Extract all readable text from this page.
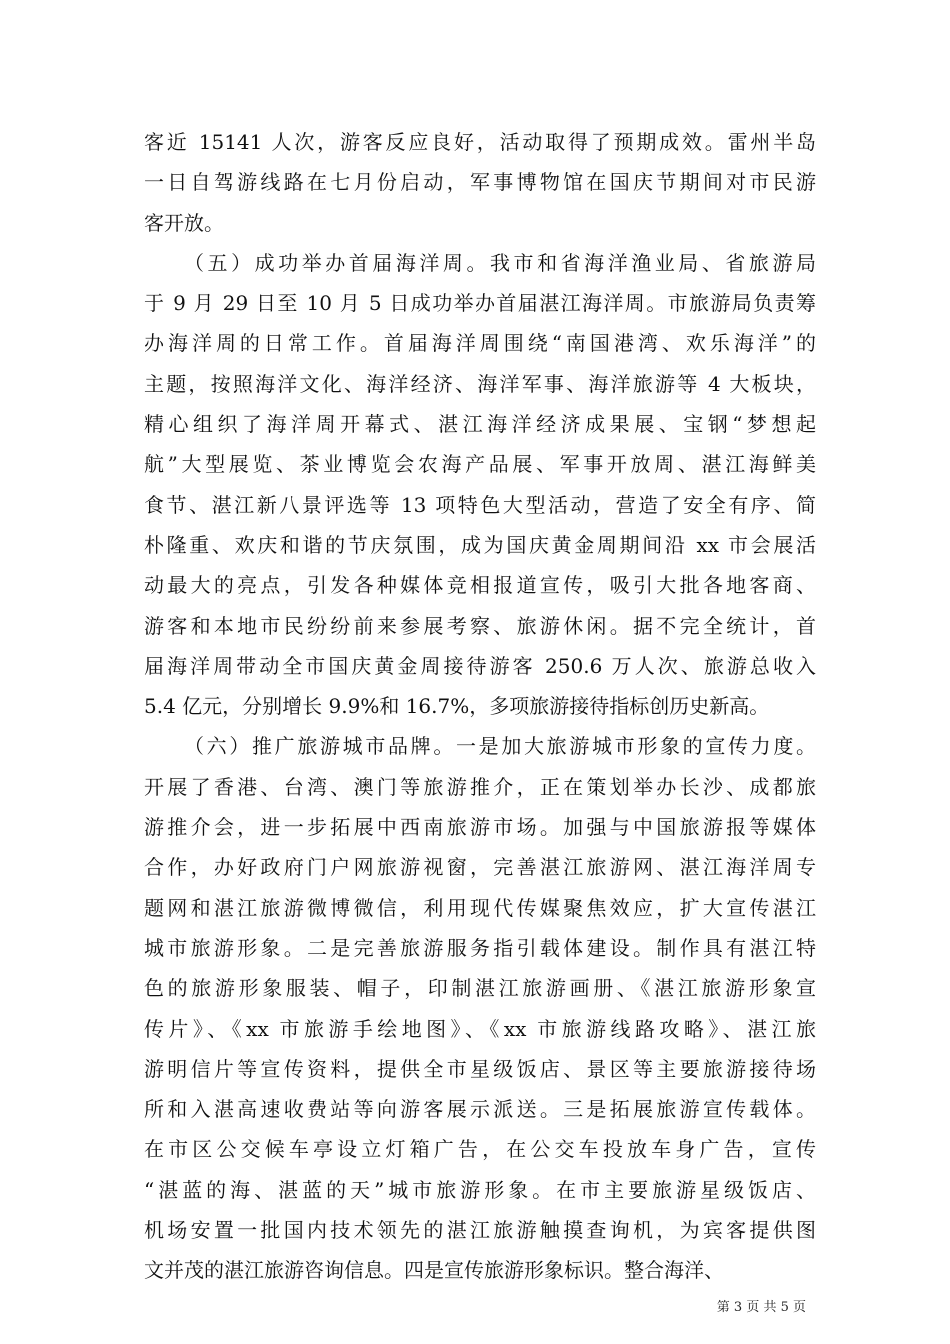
客近 15141 人次，游客反应良好，活动取得了预期成效。雷州半岛
一日自驾游线路在七月份启动，军事博物馆在国庆节期间对市民游
客开放。
（五）成功举办首届海洋周。我市和省海洋渔业局、省旅游局
于 9 月 29 日至 10 月 5 日成功举办首届湛江海洋周。市旅游局负责筹
办海洋周的日常工作。首届海洋周围绕“南国港湾、欢乐海洋”的
主题，按照海洋文化、海洋经济、海洋军事、海洋旅游等 4 大板块，
精心组织了海洋周开幕式、湛江海洋经济成果展、宝钢“梦想起
航”大型展览、茶业博览会农海产品展、军事开放周、湛江海鲜美
食节、湛江新八景评选等 13 项特色大型活动，营造了安全有序、简
朴隆重、欢庆和谐的节庆氛围，成为国庆黄金周期间沿 xx 市会展活
动最大的亮点，引发各种媒体竞相报道宣传，吸引大批各地客商、
游客和本地市民纷纷前来参展考察、旅游休闲。据不完全统计，首
届海洋周带动全市国庆黄金周接待游客 250.6 万人次、旅游总收入
5.4 亿元，分别增长 9.9%和 16.7%，多项旅游接待指标创历史新高。
（六）推广旅游城市品牌。一是加大旅游城市形象的宣传力度。
开展了香港、台湾、澳门等旅游推介，正在策划举办长沙、成都旅
游推介会，进一步拓展中西南旅游市场。加强与中国旅游报等媒体
合作，办好政府门户网旅游视窗，完善湛江旅游网、湛江海洋周专
题网和湛江旅游微博微信，利用现代传媒聚焦效应，扩大宣传湛江
城市旅游形象。二是完善旅游服务指引载体建设。制作具有湛江特
色的旅游形象服装、帽子，印制湛江旅游画册、《湛江旅游形象宣
传片》、《xx 市旅游手绘地图》、《xx 市旅游线路攻略》、湛江旅
游明信片等宣传资料，提供全市星级饭店、景区等主要旅游接待场
所和入湛高速收费站等向游客展示派送。三是拓展旅游宣传载体。
在市区公交候车亭设立灯箱广告，在公交车投放车身广告，宣传
“湛蓝的海、湛蓝的天”城市旅游形象。在市主要旅游星级饭店、
机场安置一批国内技术领先的湛江旅游触摸查询机，为宾客提供图
文并茂的湛江旅游咨询信息。四是宣传旅游形象标识。整合海洋、
第 3 页 共 5 页
